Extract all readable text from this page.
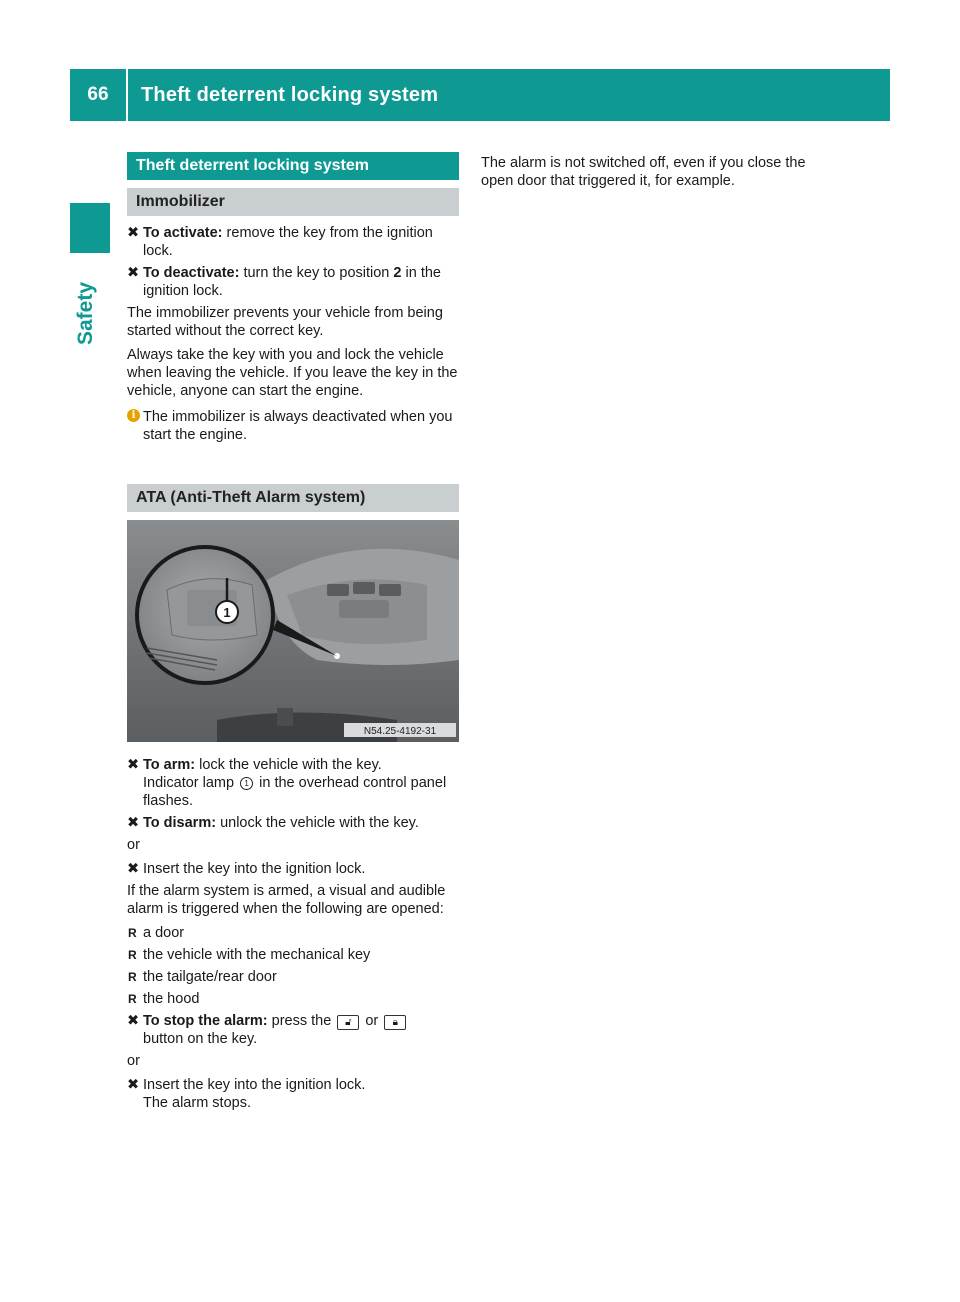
66	Theft deterrent locking system
Safety
Theft deterrent locking system
Immobilizer
✖ To activate: remove the key from the ignition lock.
✖ To deactivate: turn the key to position 2 in the ignition lock.

The immobilizer prevents your vehicle from being started without the correct key.

Always take the key with you and lock the vehicle when leaving the vehicle. If you leave the key in the vehicle, anyone can start the engine.

i The immobilizer is always deactivated when you start the engine.
ATA (Anti-Theft Alarm system)
1
N54.25-4192-31
✖ To arm: lock the vehicle with the key.
Indicator lamp 1 in the overhead control panel flashes.
✖ To disarm: unlock the vehicle with the key.

or

✖ Insert the key into the ignition lock.

If the alarm system is armed, a visual and audible alarm is triggered when the following are opened:

R a door
R the vehicle with the mechanical key
R the tailgate/rear door
R the hood
✖ To stop the alarm: press the 🔓︎ or 🔒︎
button on the key.

or

✖ Insert the key into the ignition lock.
The alarm stops.

The alarm is not switched off, even if you close the open door that triggered it, for example.
